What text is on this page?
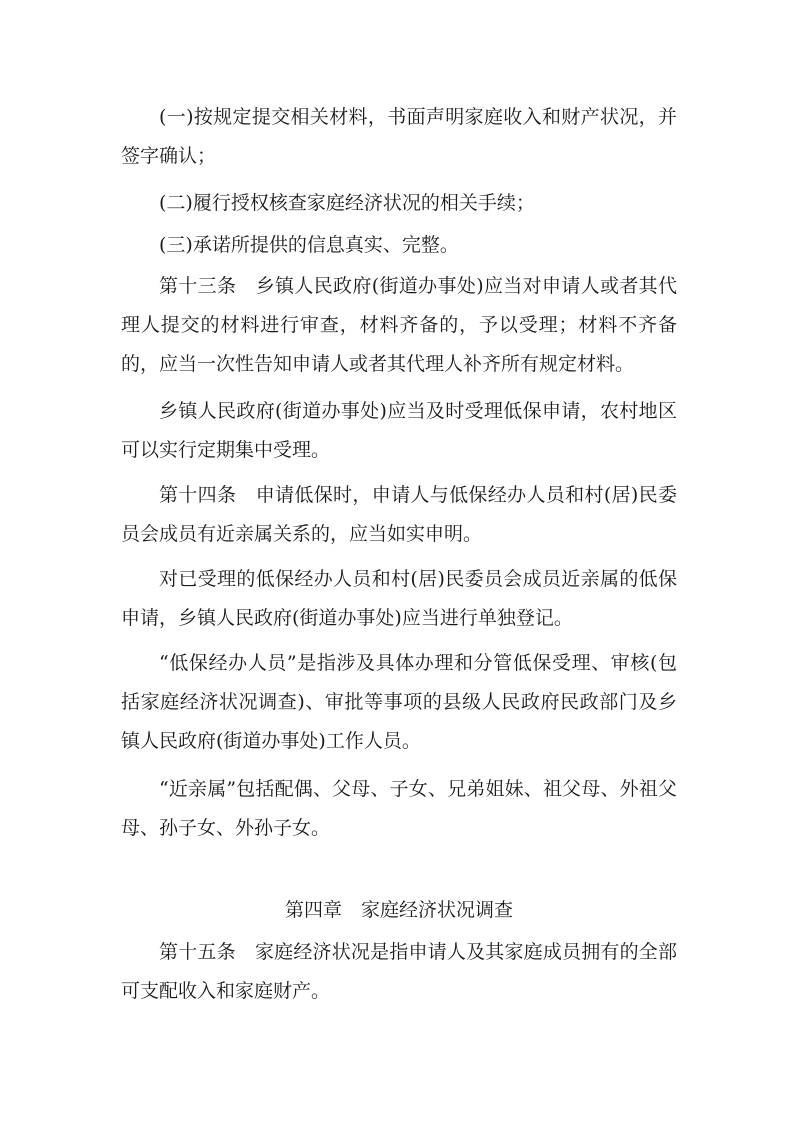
(一)按规定提交相关材料，书面声明家庭收入和财产状况，并签字确认；

(二)履行授权核查家庭经济状况的相关手续；

(三)承诺所提供的信息真实、完整。

第十三条　乡镇人民政府(街道办事处)应当对申请人或者其代理人提交的材料进行审查，材料齐备的，予以受理；材料不齐备的，应当一次性告知申请人或者其代理人补齐所有规定材料。

乡镇人民政府(街道办事处)应当及时受理低保申请，农村地区可以实行定期集中受理。

第十四条　申请低保时，申请人与低保经办人员和村(居)民委员会成员有近亲属关系的，应当如实申明。

对已受理的低保经办人员和村(居)民委员会成员近亲属的低保申请，乡镇人民政府(街道办事处)应当进行单独登记。

“低保经办人员”是指涉及具体办理和分管低保受理、审核(包括家庭经济状况调查)、审批等事项的县级人民政府民政部门及乡镇人民政府(街道办事处)工作人员。

“近亲属”包括配偶、父母、子女、兄弟姐妹、祖父母、外祖父母、孙子女、外孙子女。

第四章　家庭经济状况调查

第十五条　家庭经济状况是指申请人及其家庭成员拥有的全部可支配收入和家庭财产。
